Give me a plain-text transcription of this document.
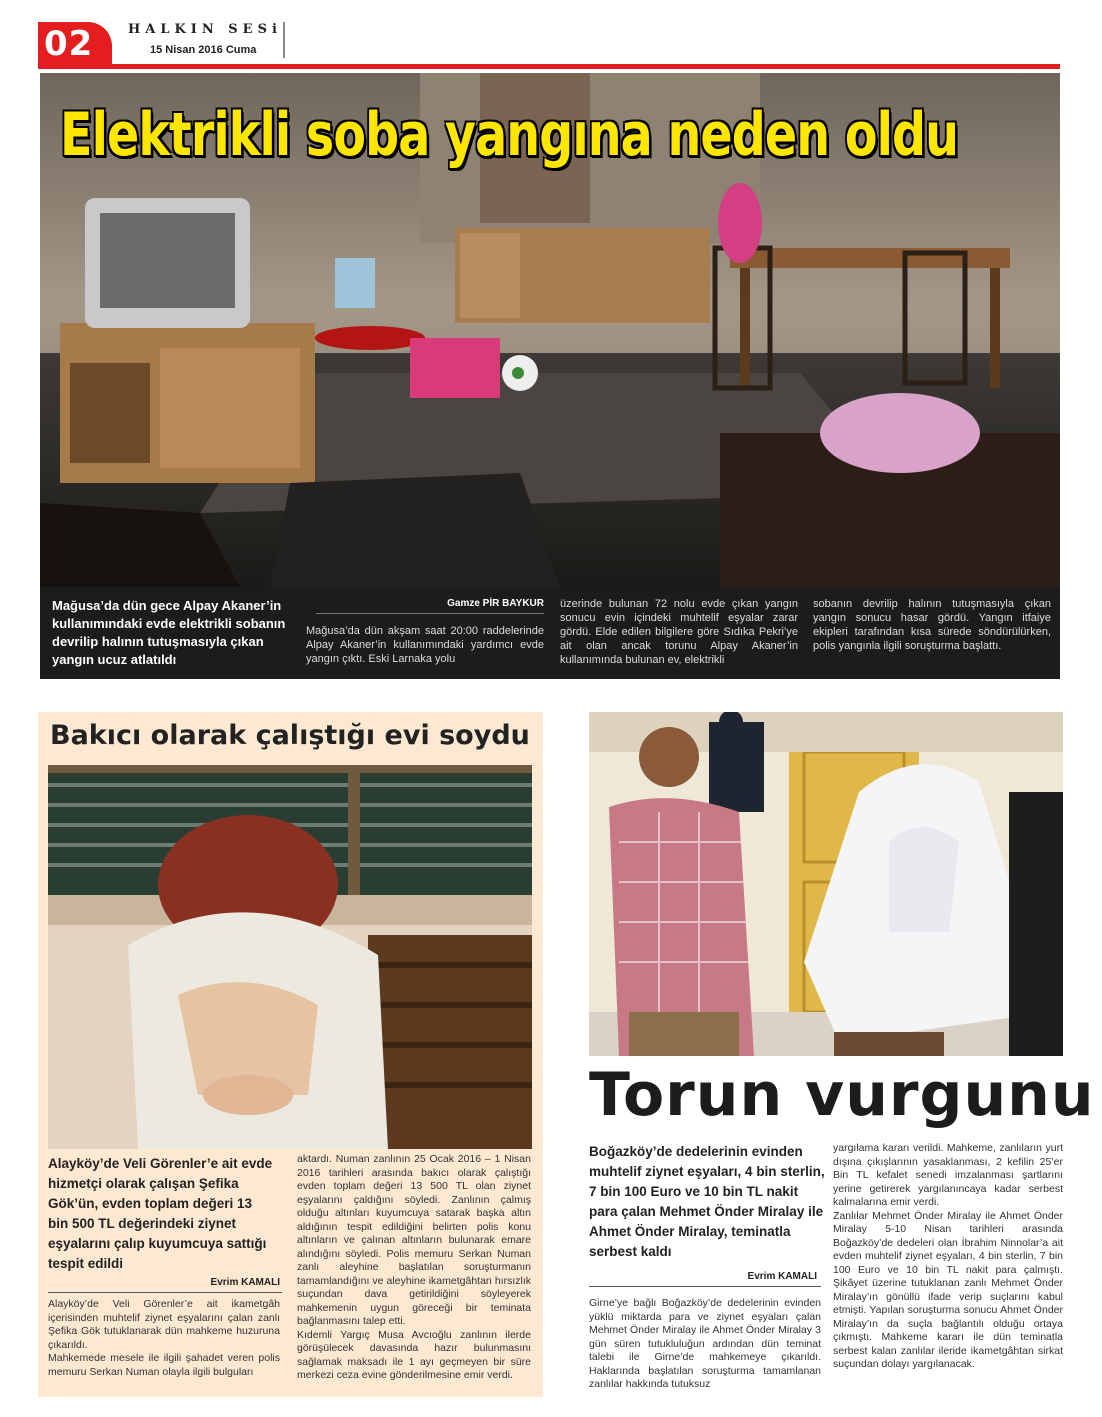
02	HALKIN SESi
15 Nisan 2016 Cuma
Elektrikli soba yangına neden oldu
Mağusa’da dün gece Alpay Akaner’in kullanımındaki evde elektrikli sobanın devrilip halının tutuşmasıyla çıkan yangın ucuz atlatıldı
Gamze PİR BAYKUR
Mağusa’da dün akşam saat 20:00 raddelerinde Alpay Akaner’in kullanımındaki yardımcı evde yangın çıktı. Eski Larnaka yolu
üzerinde bulunan 72 nolu evde çıkan yangın sonucu evin içindeki muhtelif eşyalar zarar gördü. Elde edilen bilgilere göre Sıdıka Pekri’ye ait olan ancak torunu Alpay Akaner’in kullanımında bulunan ev, elektrikli
sobanın devrilip halının tutuşmasıyla çıkan yangın sonucu hasar gördü. Yangın itfaiye ekipleri tarafından kısa sürede söndürülürken, polis yangınla ilgili soruşturma başlattı.
Bakıcı olarak çalıştığı evi soydu
Alayköy’de Veli Görenler’e ait evde hizmetçi olarak çalışan Şefika Gök’ün, evden toplam değeri 13 bin 500 TL değerindeki ziynet eşyalarını çalıp kuyumcuya sattığı tespit edildi
Evrim KAMALI
Alayköy’de Veli Görenler’e ait ikametgâh içerisinden muhtelif ziynet eşyalarını çalan zanlı Şefika Gök tutuklanarak dün mahkeme huzuruna çıkarıldı.
Mahkemede mesele ile ilgili şahadet veren polis memuru Serkan Numan olayla ilgili bulguları
aktardı. Numan zanlının 25 Ocak 2016 – 1 Nisan 2016 tarihleri arasında bakıcı olarak çalıştığı evden toplam değeri 13 500 TL olan ziynet eşyalarını çaldığını söyledi. Zanlının çalmış olduğu altınları kuyumcuya satarak başka altın aldığının tespit edildiğini belirten polis konu altınların ve çalınan altınların bulunarak emare alındığını söyledi. Polis memuru Serkan Numan zanlı aleyhine başlatılan soruşturmanın tamamlandığını ve aleyhine ikametgâhtan hırsızlık suçundan dava getirildiğini söyleyerek mahkemenin uygun göreceği bir teminata bağlanmasını talep etti.
Kıdemli Yargıç Musa Avcıoğlu zanlının ilerde görüşülecek davasında hazır bulunmasını sağlamak maksadı ile 1 ayı geçmeyen bir süre merkezi ceza evine gönderilmesine emir verdi.
Torun vurgunu
Boğazköy’de dedelerinin evinden muhtelif ziynet eşyaları, 4 bin sterlin, 7 bin 100 Euro ve 10 bin TL nakit para çalan Mehmet Önder Miralay ile Ahmet Önder Miralay, teminatla serbest kaldı
Evrim KAMALI
Girne’ye bağlı Boğazköy’de dedelerinin evinden yüklü miktarda para ve ziynet eşyaları çalan Mehmet Önder Miralay ile Ahmet Önder Miralay 3 gün süren tutukluluğun ardından dün teminat talebi ile Girne’de mahkemeye çıkarıldı. Haklarında başlatılan soruşturma tamamlanan zanlılar hakkında tutuksuz
yargılama kararı verildi. Mahkeme, zanlıların yurt dışına çıkışlarının yasaklanması, 2 kefilin 25’er Bin TL kefalet senedi imzalanması şartlarını yerine getirerek yargılanıncaya kadar serbest kalmalarına emir verdi.
Zanlılar Mehmet Önder Miralay ile Ahmet Önder Miralay 5-10 Nisan tarihleri arasında Boğazköy’de dedeleri olan İbrahim Ninnolar’a ait evden muhtelif ziynet eşyaları, 4 bin sterlin, 7 bin 100 Euro ve 10 bin TL nakit para çalmıştı. Şikâyet üzerine tutuklanan zanlı Mehmet Önder Miralay’ın gönüllü ifade verip suçlarını kabul etmişti. Yapılan soruşturma sonucu Ahmet Önder Miralay’ın da suçla bağlantılı olduğu ortaya çıkmıştı. Mahkeme kararı ile dün teminatla serbest kalan zanlılar ileride ikametgâhtan sirkat suçundan dolayı yargılanacak.
